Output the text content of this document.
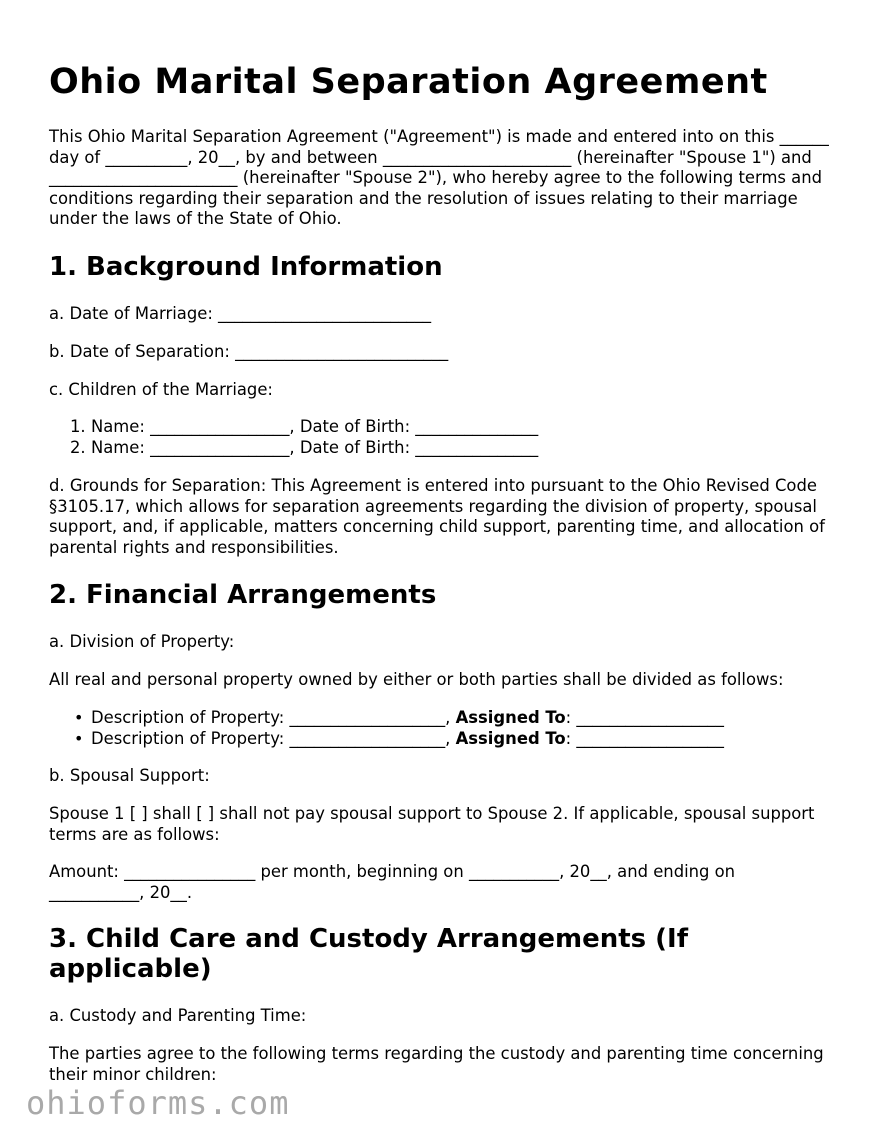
Ohio Marital Separation Agreement

This Ohio Marital Separation Agreement ("Agreement") is made and entered into on this ______ day of __________, 20__, by and between _______________________ (hereinafter "Spouse 1") and _______________________ (hereinafter "Spouse 2"), who hereby agree to the following terms and conditions regarding their separation and the resolution of issues relating to their marriage under the laws of the State of Ohio.

1. Background Information

a. Date of Marriage: __________________________

b. Date of Separation: __________________________

c. Children of the Marriage:

1. Name: _________________, Date of Birth: _______________
2. Name: _________________, Date of Birth: _______________

d. Grounds for Separation: This Agreement is entered into pursuant to the Ohio Revised Code §3105.17, which allows for separation agreements regarding the division of property, spousal support, and, if applicable, matters concerning child support, parenting time, and allocation of parental rights and responsibilities.

2. Financial Arrangements

a. Division of Property:

All real and personal property owned by either or both parties shall be divided as follows:

• Description of Property: ___________________, Assigned To: __________________
• Description of Property: ___________________, Assigned To: __________________

b. Spousal Support:

Spouse 1 [ ] shall [ ] shall not pay spousal support to Spouse 2. If applicable, spousal support terms are as follows:

Amount: ________________ per month, beginning on ___________, 20__, and ending on ___________, 20__.

3. Child Care and Custody Arrangements (If applicable)

a. Custody and Parenting Time:

The parties agree to the following terms regarding the custody and parenting time concerning their minor children:

ohioforms.com
